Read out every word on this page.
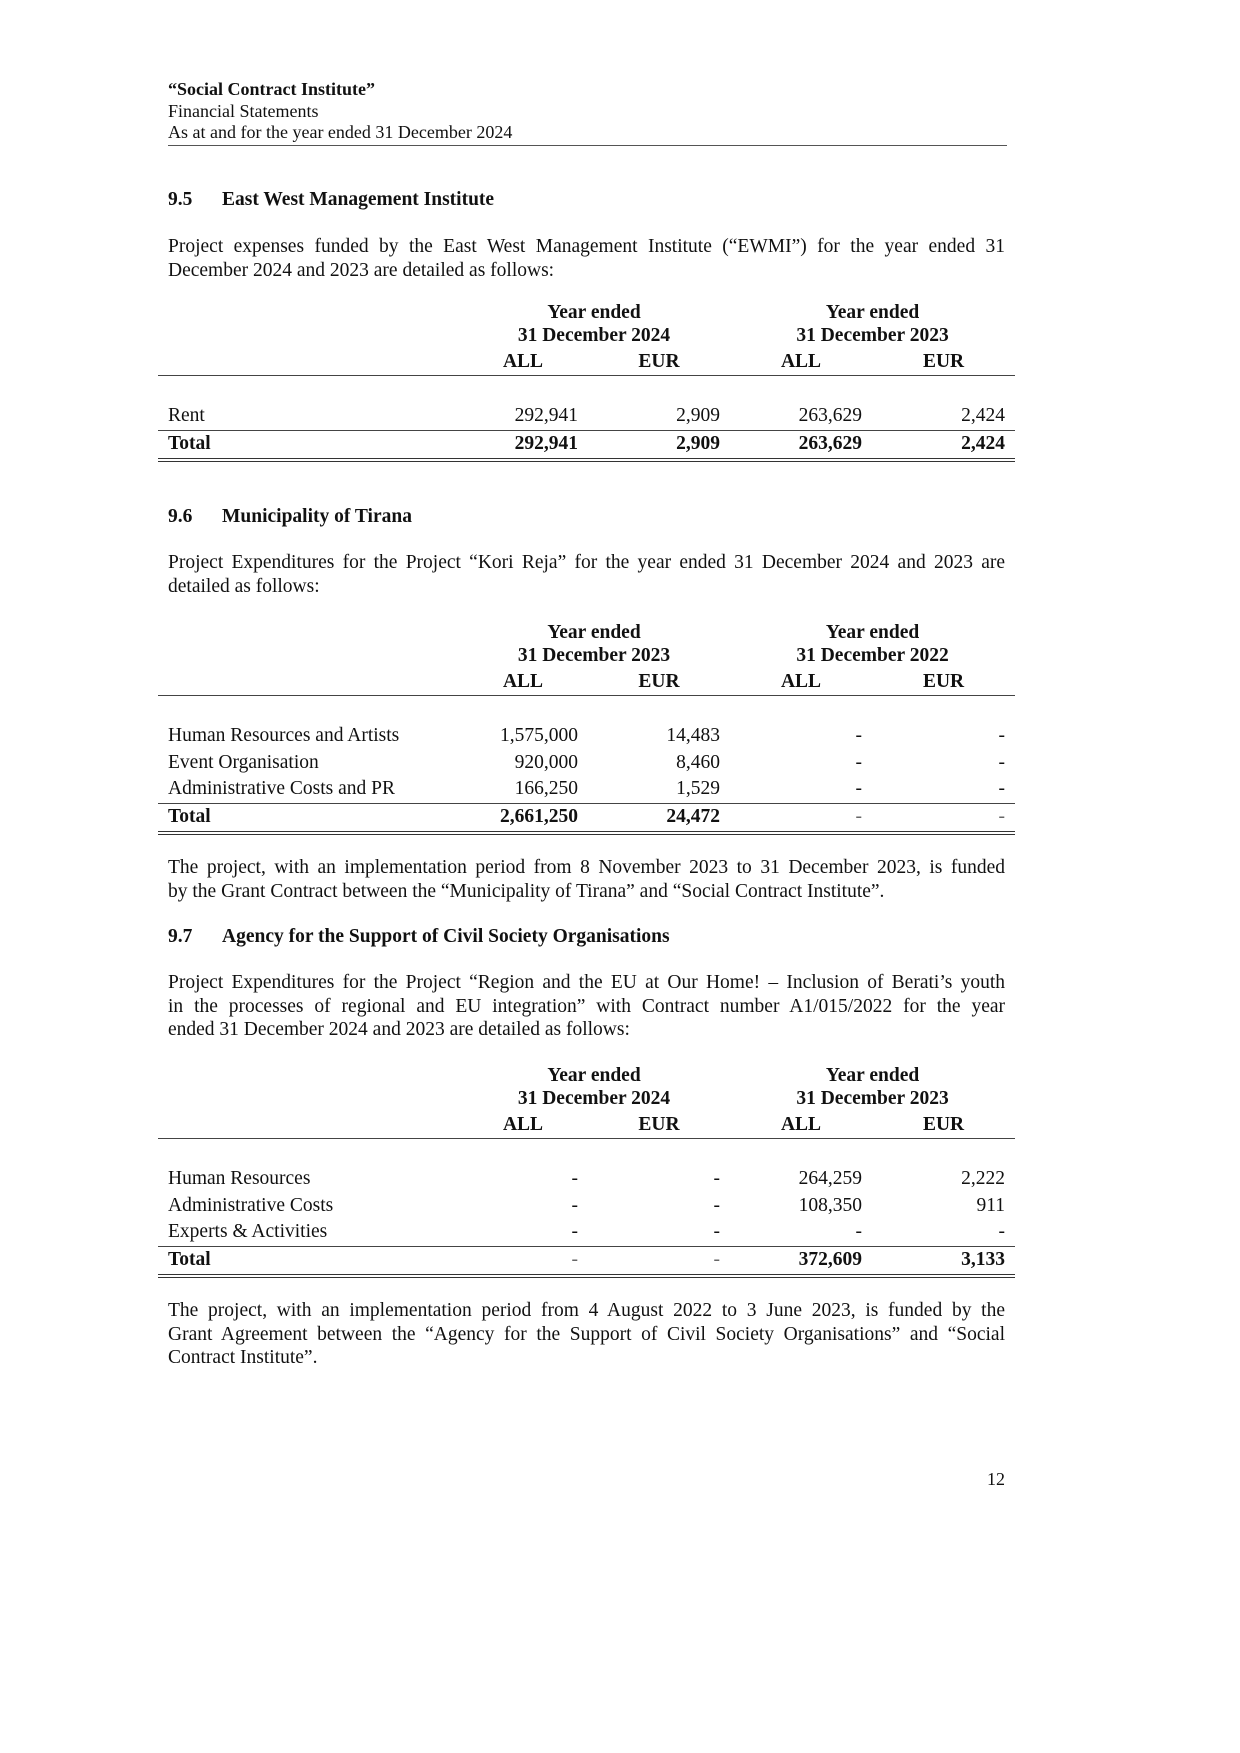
“Social Contract Institute”
Financial Statements
As at and for the year ended 31 December 2024
9.5 East West Management Institute
Project expenses funded by the East West Management Institute (“EWMI”) for the year ended 31
December 2024 and 2023 are detailed as follows:
	Year ended		Year ended	
	31 December 2024		31 December 2023	
	ALL	EUR	ALL	EUR

Rent	292,941	2,909	263,629	2,424
Total	292,941	2,909	263,629	2,424
9.6 Municipality of Tirana
Project Expenditures for the Project “Kori Reja” for the year ended 31 December 2024 and 2023 are
detailed as follows:
	Year ended		Year ended	
	31 December 2023		31 December 2022	
	ALL	EUR	ALL	EUR

Human Resources and Artists	1,575,000	14,483	-	-
Event Organisation	920,000	8,460	-	-
Administrative Costs and PR	166,250	1,529	-	-
Total	2,661,250	24,472	-	-
The project, with an implementation period from 8 November 2023 to 31 December 2023, is funded
by the Grant Contract between the “Municipality of Tirana” and “Social Contract Institute”.
9.7 Agency for the Support of Civil Society Organisations
Project Expenditures for the Project “Region and the EU at Our Home! – Inclusion of Berati’s youth
in the processes of regional and EU integration” with Contract number A1/015/2022 for the year
ended 31 December 2024 and 2023 are detailed as follows:
	Year ended		Year ended	
	31 December 2024		31 December 2023	
	ALL	EUR	ALL	EUR

Human Resources	-	-	264,259	2,222
Administrative Costs	-	-	108,350	911
Experts & Activities	-	-	-	-
Total	-	-	372,609	3,133
The project, with an implementation period from 4 August 2022 to 3 June 2023, is funded by the
Grant Agreement between the “Agency for the Support of Civil Society Organisations” and “Social
Contract Institute”.
12
